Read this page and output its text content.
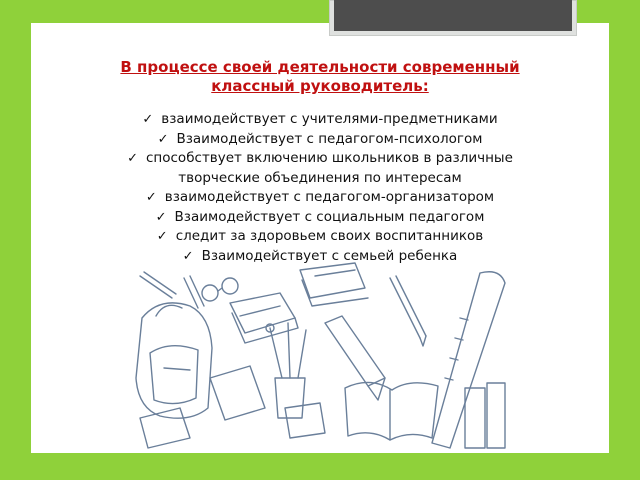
В процессе своей деятельности современный
классный руководитель:
✓ взаимодействует с учителями-предметниками
✓ Взаимодействует с педагогом-психологом
✓ способствует включению школьников в различные
творческие объединения по интересам
✓ взаимодействует с педагогом-организатором
✓ Взаимодействует с социальным педагогом
✓ следит за здоровьем своих воспитанников
✓ Взаимодействует с семьей ребенка
